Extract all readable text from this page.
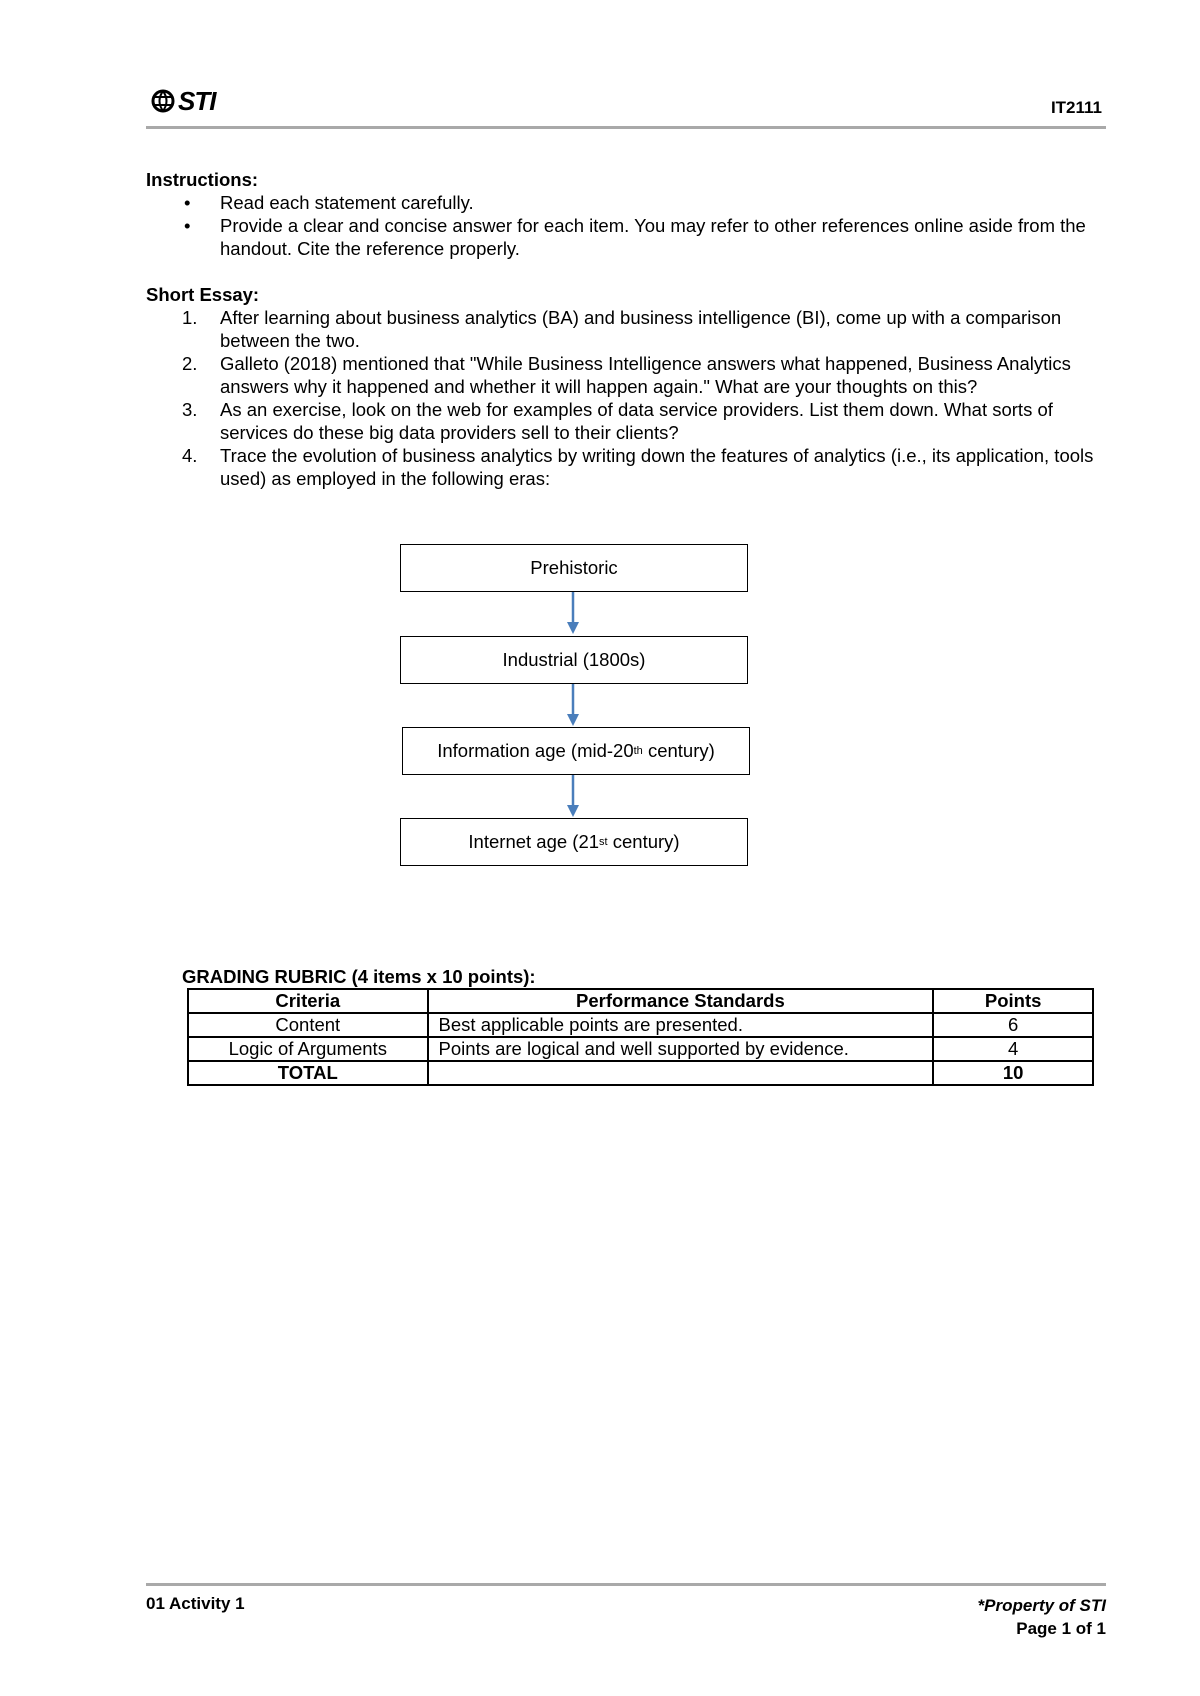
STI	IT2111
Instructions:
• Read each statement carefully.
• Provide a clear and concise answer for each item. You may refer to other references online aside from the handout. Cite the reference properly.
Short Essay:
1. After learning about business analytics (BA) and business intelligence (BI), come up with a comparison between the two.
2. Galleto (2018) mentioned that "While Business Intelligence answers what happened, Business Analytics answers why it happened and whether it will happen again." What are your thoughts on this?
3. As an exercise, look on the web for examples of data service providers. List them down. What sorts of services do these big data providers sell to their clients?
4. Trace the evolution of business analytics by writing down the features of analytics (i.e., its application, tools used) as employed in the following eras:
Prehistoric
Industrial (1800s)
Information age (mid-20 th century)
Internet age (21 st century)
GRADING RUBRIC (4 items x 10 points):
Criteria	Performance Standards	Points
Content	Best applicable points are presented.	6
Logic of Arguments	Points are logical and well supported by evidence.	4
TOTAL		10
01 Activity 1	*Property of STI
Page 1 of 1
